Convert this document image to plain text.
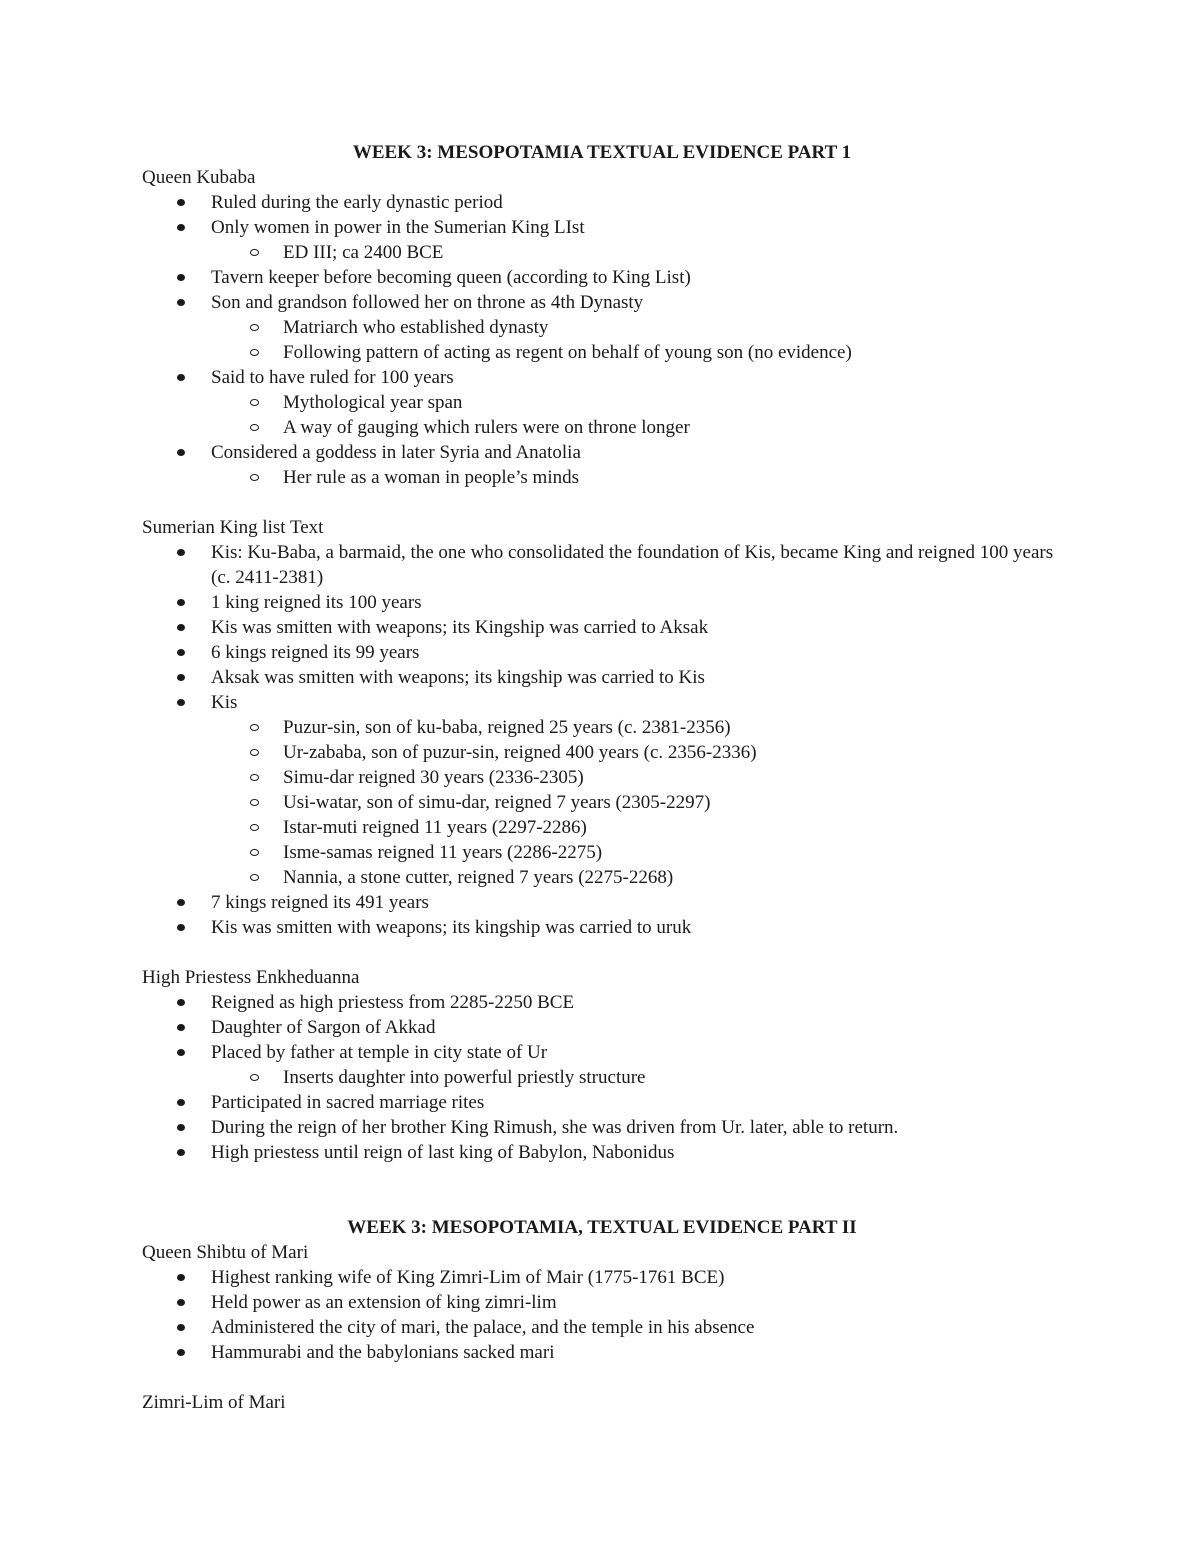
WEEK 3: MESOPOTAMIA TEXTUAL EVIDENCE PART 1
Queen Kubaba
Ruled during the early dynastic period
Only women in power in the Sumerian King LIst
ED III; ca 2400 BCE
Tavern keeper before becoming queen (according to King List)
Son and grandson followed her on throne as 4th Dynasty
Matriarch who established dynasty
Following pattern of acting as regent on behalf of young son (no evidence)
Said to have ruled for 100 years
Mythological year span
A way of gauging which rulers were on throne longer
Considered a goddess in later Syria and Anatolia
Her rule as a woman in people’s minds
Sumerian King list Text
Kis: Ku-Baba, a barmaid, the one who consolidated the foundation of Kis, became King and reigned 100 years (c. 2411-2381)
1 king reigned its 100 years
Kis was smitten with weapons; its Kingship was carried to Aksak
6 kings reigned its 99 years
Aksak was smitten with weapons; its kingship was carried to Kis
Kis
Puzur-sin, son of ku-baba, reigned 25 years (c. 2381-2356)
Ur-zababa, son of puzur-sin, reigned 400 years (c. 2356-2336)
Simu-dar reigned 30 years (2336-2305)
Usi-watar, son of simu-dar, reigned 7 years (2305-2297)
Istar-muti reigned 11 years (2297-2286)
Isme-samas reigned 11 years (2286-2275)
Nannia, a stone cutter, reigned 7 years (2275-2268)
7 kings reigned its 491 years
Kis was smitten with weapons; its kingship was carried to uruk
High Priestess Enkheduanna
Reigned as high priestess from 2285-2250 BCE
Daughter of Sargon of Akkad
Placed by father at temple in city state of Ur
Inserts daughter into powerful priestly structure
Participated in sacred marriage rites
During the reign of her brother King Rimush, she was driven from Ur. later, able to return.
High priestess until reign of last king of Babylon, Nabonidus
WEEK 3: MESOPOTAMIA, TEXTUAL EVIDENCE PART II
Queen Shibtu of Mari
Highest ranking wife of King Zimri-Lim of Mair (1775-1761 BCE)
Held power as an extension of king zimri-lim
Administered the city of mari, the palace, and the temple in his absence
Hammurabi and the babylonians sacked mari
Zimri-Lim of Mari
